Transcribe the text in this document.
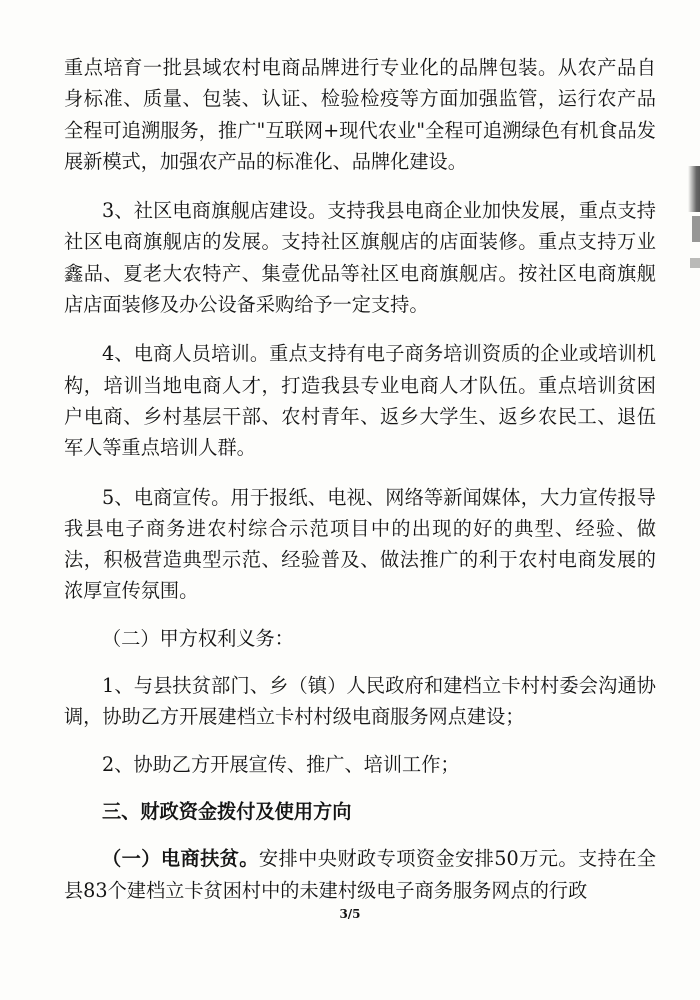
重点培育一批县域农村电商品牌进行专业化的品牌包装。从农产品自身标准、质量、包装、认证、检验检疫等方面加强监管，运行农产品全程可追溯服务，推广"互联网+现代农业"全程可追溯绿色有机食品发展新模式，加强农产品的标准化、品牌化建设。

3、社区电商旗舰店建设。支持我县电商企业加快发展，重点支持社区电商旗舰店的发展。支持社区旗舰店的店面装修。重点支持万业鑫品、夏老大农特产、集壹优品等社区电商旗舰店。按社区电商旗舰店店面装修及办公设备采购给予一定支持。

4、电商人员培训。重点支持有电子商务培训资质的企业或培训机构，培训当地电商人才，打造我县专业电商人才队伍。重点培训贫困户电商、乡村基层干部、农村青年、返乡大学生、返乡农民工、退伍军人等重点培训人群。

5、电商宣传。用于报纸、电视、网络等新闻媒体，大力宣传报导我县电子商务进农村综合示范项目中的出现的好的典型、经验、做法，积极营造典型示范、经验普及、做法推广的利于农村电商发展的浓厚宣传氛围。

（二）甲方权利义务：

1、与县扶贫部门、乡（镇）人民政府和建档立卡村村委会沟通协调，协助乙方开展建档立卡村村级电商服务网点建设；

2、协助乙方开展宣传、推广、培训工作；

三、财政资金拨付及使用方向

（一）电商扶贫。安排中央财政专项资金安排50万元。支持在全县83个建档立卡贫困村中的未建村级电子商务服务网点的行政

3/5
